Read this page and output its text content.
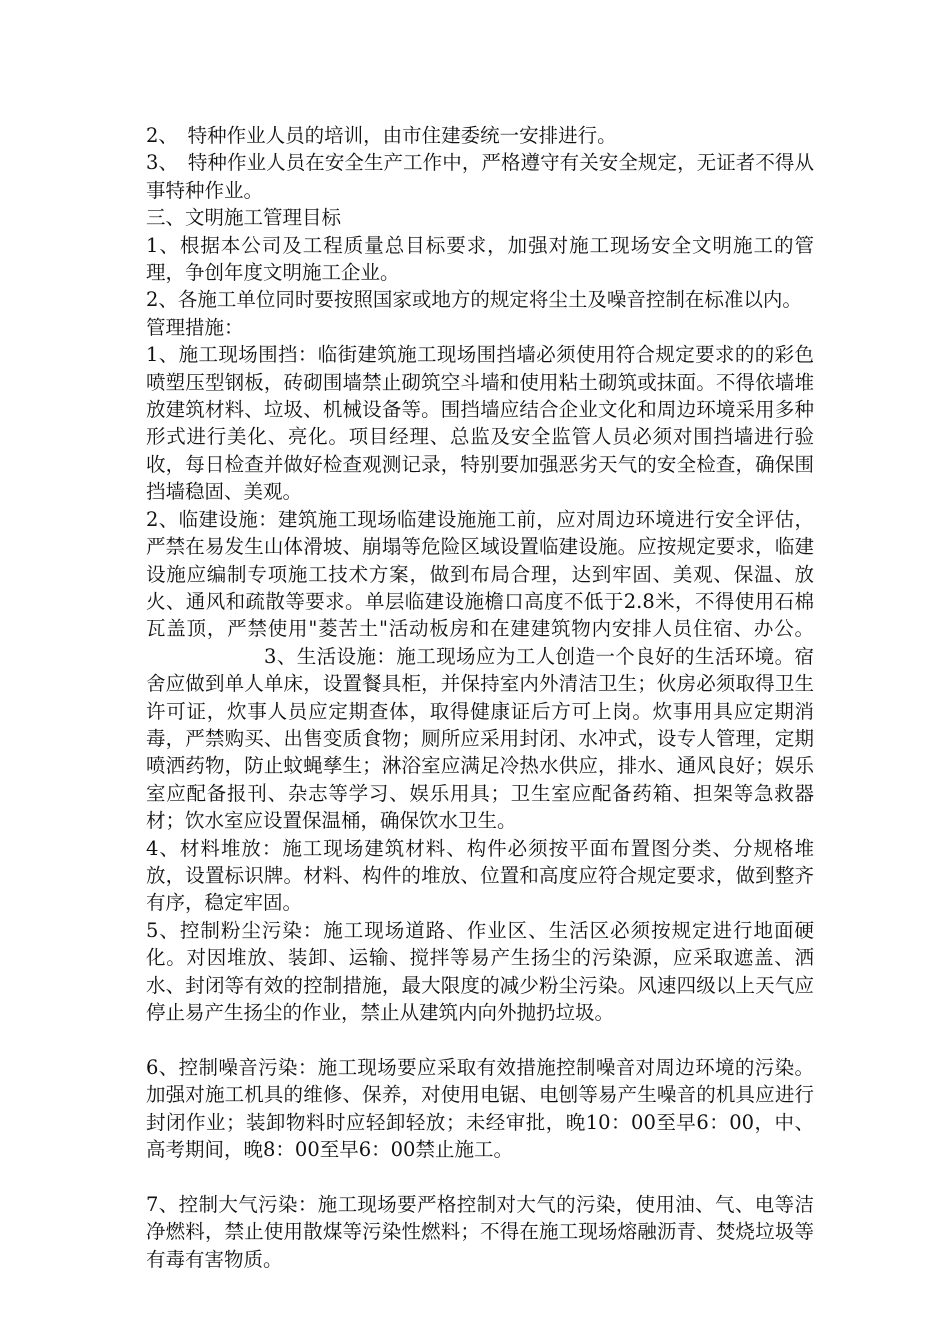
2、　特种作业人员的培训，由市住建委统一安排进行。

3、　特种作业人员在安全生产工作中，严格遵守有关安全规定，无证者不得从事特种作业。

三、文明施工管理目标

1、根据本公司及工程质量总目标要求，加强对施工现场安全文明施工的管理，争创年度文明施工企业。

2、各施工单位同时要按照国家或地方的规定将尘土及噪音控制在标准以内。

管理措施：

1、施工现场围挡：临街建筑施工现场围挡墙必须使用符合规定要求的的彩色喷塑压型钢板，砖砌围墙禁止砌筑空斗墙和使用粘土砌筑或抹面。不得依墙堆放建筑材料、垃圾、机械设备等。围挡墙应结合企业文化和周边环境采用多种形式进行美化、亮化。项目经理、总监及安全监管人员必须对围挡墙进行验收，每日检查并做好检查观测记录，特别要加强恶劣天气的安全检查，确保围挡墙稳固、美观。

2、临建设施：建筑施工现场临建设施施工前，应对周边环境进行安全评估，严禁在易发生山体滑坡、崩塌等危险区域设置临建设施。应按规定要求，临建设施应编制专项施工技术方案，做到布局合理，达到牢固、美观、保温、放火、通风和疏散等要求。单层临建设施檐口高度不低于2.8米，不得使用石棉瓦盖顶，严禁使用"菱苦土"活动板房和在建建筑物内安排人员住宿、办公。3、生活设施：施工现场应为工人创造一个良好的生活环境。宿舍应做到单人单床，设置餐具柜，并保持室内外清洁卫生；伙房必须取得卫生许可证，炊事人员应定期查体，取得健康证后方可上岗。炊事用具应定期消毒，严禁购买、出售变质食物；厕所应采用封闭、水冲式，设专人管理，定期喷洒药物，防止蚊蝇孳生；淋浴室应满足冷热水供应，排水、通风良好；娱乐室应配备报刊、杂志等学习、娱乐用具；卫生室应配备药箱、担架等急救器材；饮水室应设置保温桶，确保饮水卫生。

4、材料堆放：施工现场建筑材料、构件必须按平面布置图分类、分规格堆放，设置标识牌。材料、构件的堆放、位置和高度应符合规定要求，做到整齐有序，稳定牢固。

5、控制粉尘污染：施工现场道路、作业区、生活区必须按规定进行地面硬化。对因堆放、装卸、运输、搅拌等易产生扬尘的污染源，应采取遮盖、洒水、封闭等有效的控制措施，最大限度的减少粉尘污染。风速四级以上天气应停止易产生扬尘的作业，禁止从建筑内向外抛扔垃圾。

6、控制噪音污染：施工现场要应采取有效措施控制噪音对周边环境的污染。加强对施工机具的维修、保养，对使用电锯、电刨等易产生噪音的机具应进行封闭作业；装卸物料时应轻卸轻放；未经审批，晚10：00至早6：00，中、高考期间，晚8：00至早6：00禁止施工。

7、控制大气污染：施工现场要严格控制对大气的污染，使用油、气、电等洁净燃料，禁止使用散煤等污染性燃料；不得在施工现场熔融沥青、焚烧垃圾等有毒有害物质。
